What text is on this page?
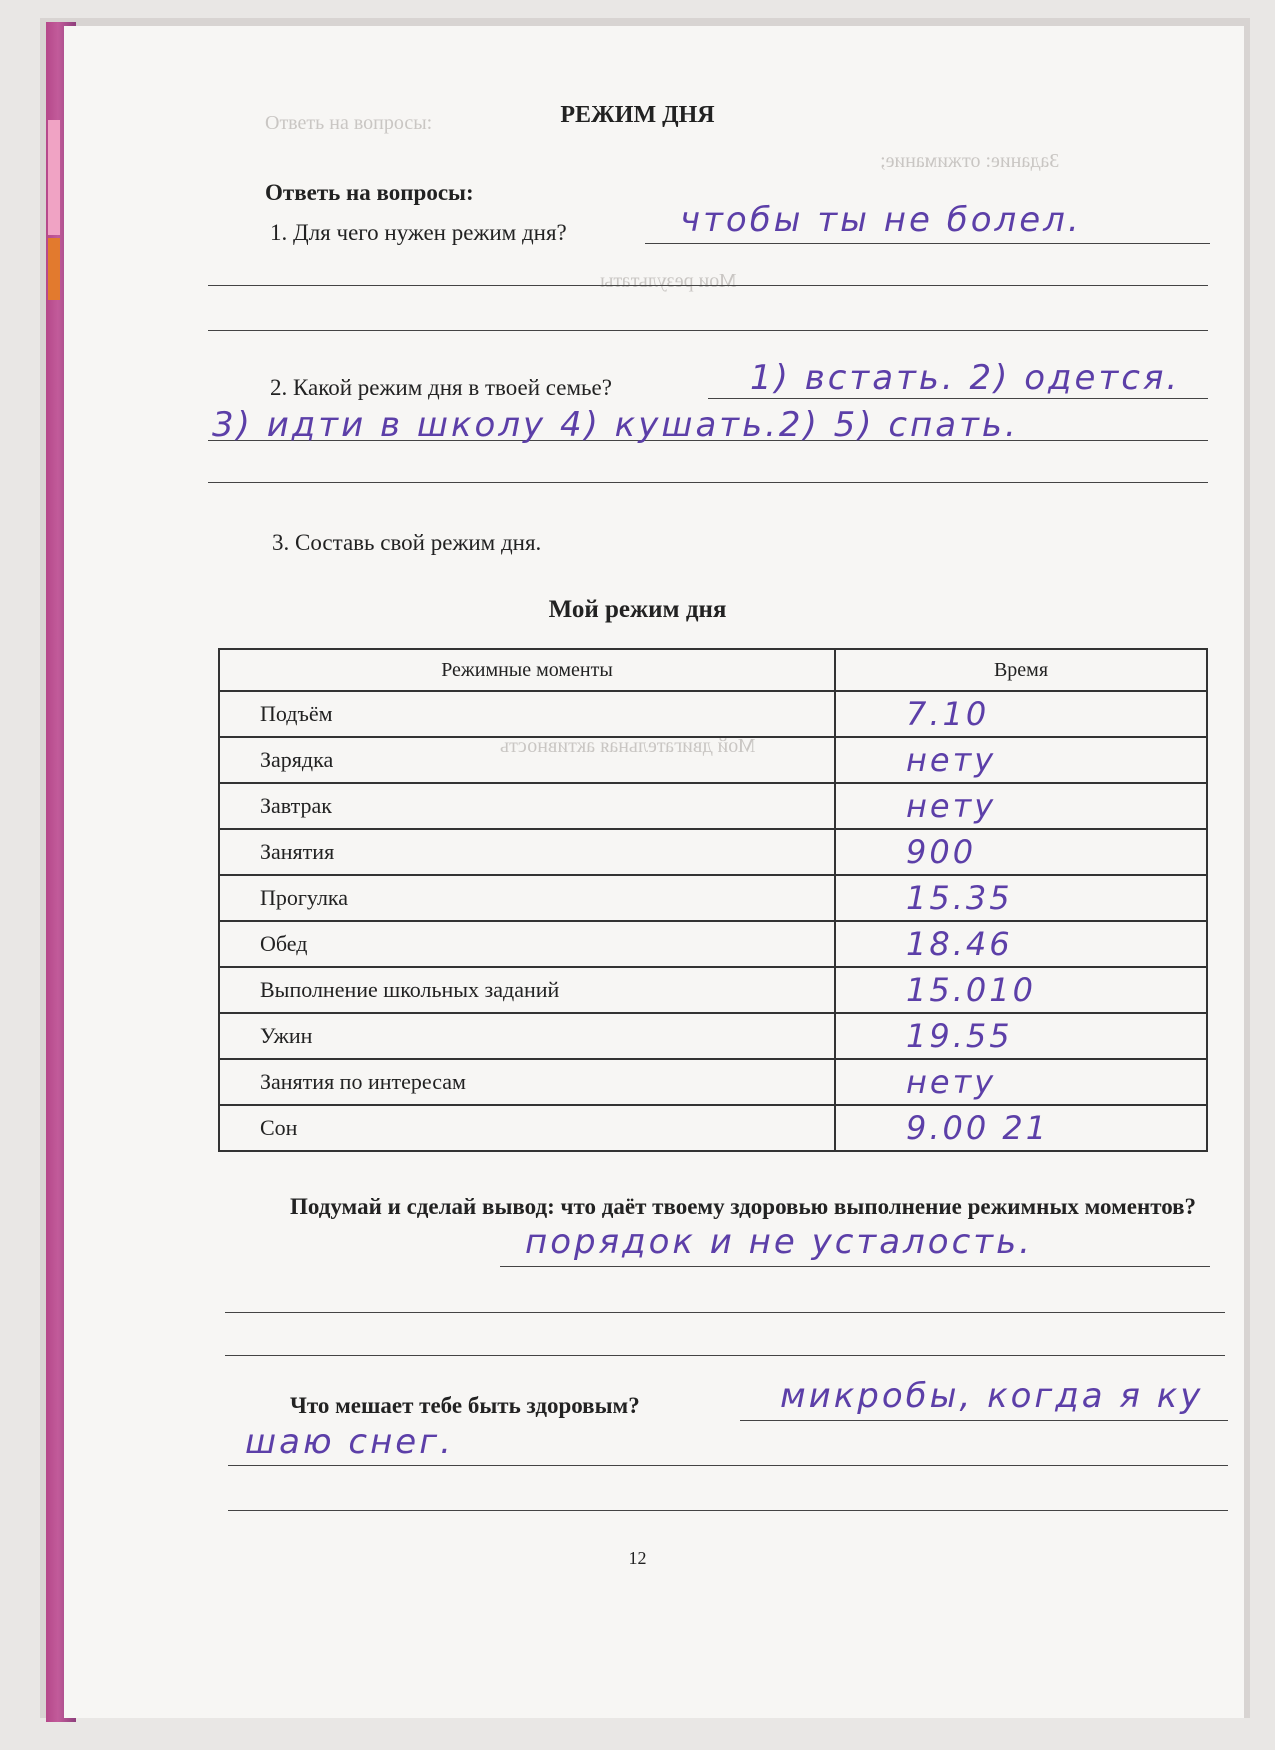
Ответь на вопросы:
Задание: отжимание;
Мои результаты
Мой двигательная активность
РЕЖИМ ДНЯ
Ответь на вопросы:
1. Для чего нужен режим дня?	чтобы ты не болел.
2. Какой режим дня в твоей семье?	1) встать. 2) одется.
3) идти в школу 4) кушать.2) 5) спать.
3. Составь свой режим дня.
Мой режим дня
Режимные моменты	Время
Подъём	7.10
Зарядка	нету
Завтрак	нету
Занятия	900
Прогулка	15.35
Обед	18.46
Выполнение школьных заданий	15.010
Ужин	19.55
Занятия по интересам	нету
Сон	9.00 21
Подумай и сделай вывод: что даёт твоему здоровью выполнение режимных моментов?
порядок и не усталость.
Что мешает тебе быть здоровым?	микробы, когда я ку
шаю снег.
12
